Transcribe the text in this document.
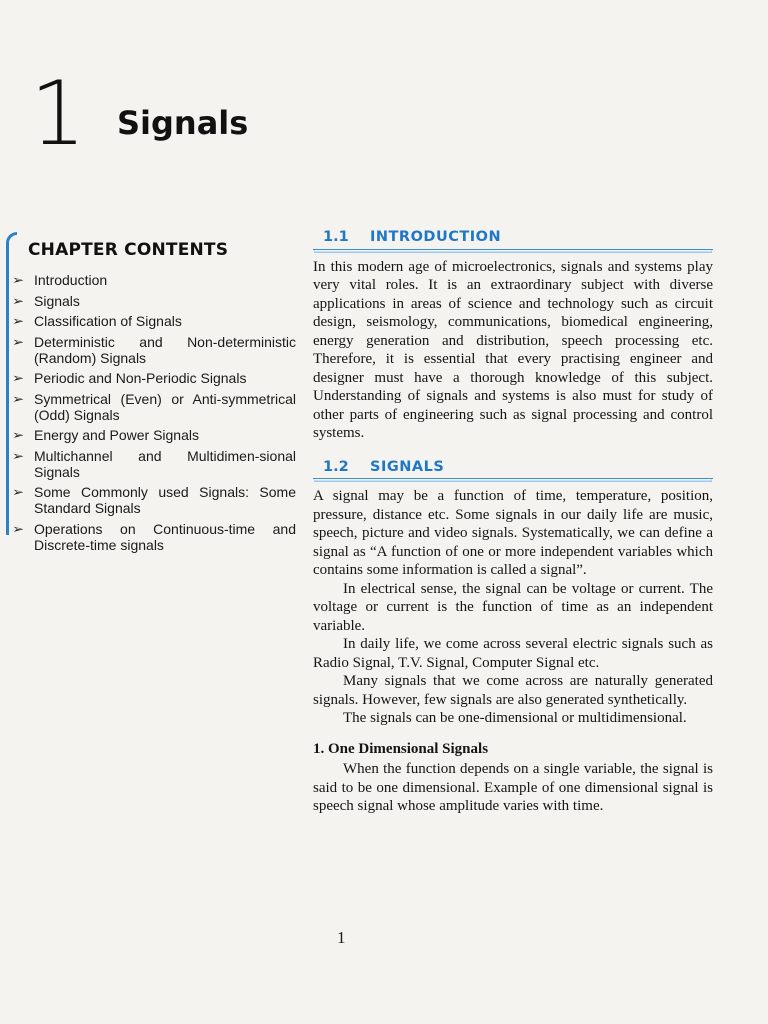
1 Signals
CHAPTER CONTENTS
➢ Introduction
➢ Signals
➢ Classification of Signals
➢ Deterministic and Non-deterministic (Random) Signals
➢ Periodic and Non-Periodic Signals
➢ Symmetrical (Even) or Anti-symmetrical (Odd) Signals
➢ Energy and Power Signals
➢ Multichannel and Multidimen-sional Signals
➢ Some Commonly used Signals: Some Standard Signals
➢ Operations on Continuous-time and Discrete-time signals
1.1	INTRODUCTION

In this modern age of microelectronics, signals and systems play very vital roles. It is an extraordinary subject with diverse applications in areas of science and technology such as circuit design, seismology, communications, biomedical engineering, energy generation and distribution, speech processing etc. Therefore, it is essential that every practising engineer and designer must have a thorough knowledge of this subject. Understanding of signals and systems is also must for study of other parts of engineering such as signal processing and control systems.

1.2	SIGNALS

A signal may be a function of time, temperature, position, pressure, distance etc. Some signals in our daily life are music, speech, picture and video signals. Systematically, we can define a signal as “A function of one or more independent variables which contains some information is called a signal”.

In electrical sense, the signal can be voltage or current. The voltage or current is the function of time as an independent variable.

In daily life, we come across several electric signals such as Radio Signal, T.V. Signal, Computer Signal etc.

Many signals that we come across are naturally generated signals. However, few signals are also generated synthetically.

The signals can be one-dimensional or multidimensional.

1. One Dimensional Signals

When the function depends on a single variable, the signal is said to be one dimensional. Example of one dimensional signal is speech signal whose amplitude varies with time.

1
